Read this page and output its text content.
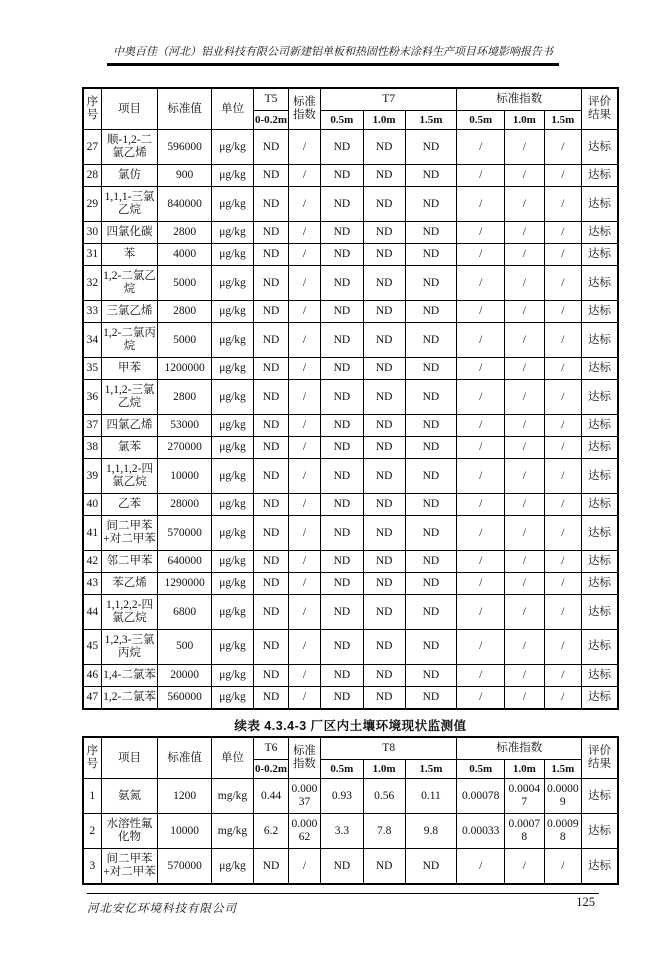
中奥百佳（河北）铝业科技有限公司新建铝单板和热固性粉末涂料生产项目环境影响报告书
序号	项目	标准值	单位	T5	标准指数	T7			标准指数			评价结果
				0-0.2m		0.5m	1.0m	1.5m	0.5m	1.0m	1.5m	
27	顺-1,2-二氯乙烯	596000	μg/kg	ND	/	ND	ND	ND	/	/	/	达标
28	氯仿	900	μg/kg	ND	/	ND	ND	ND	/	/	/	达标
29	1,1,1-三氯乙烷	840000	μg/kg	ND	/	ND	ND	ND	/	/	/	达标
30	四氯化碳	2800	μg/kg	ND	/	ND	ND	ND	/	/	/	达标
31	苯	4000	μg/kg	ND	/	ND	ND	ND	/	/	/	达标
32	1,2-二氯乙烷	5000	μg/kg	ND	/	ND	ND	ND	/	/	/	达标
33	三氯乙烯	2800	μg/kg	ND	/	ND	ND	ND	/	/	/	达标
34	1,2-二氯丙烷	5000	μg/kg	ND	/	ND	ND	ND	/	/	/	达标
35	甲苯	1200000	μg/kg	ND	/	ND	ND	ND	/	/	/	达标
36	1,1,2-三氯乙烷	2800	μg/kg	ND	/	ND	ND	ND	/	/	/	达标
37	四氯乙烯	53000	μg/kg	ND	/	ND	ND	ND	/	/	/	达标
38	氯苯	270000	μg/kg	ND	/	ND	ND	ND	/	/	/	达标
39	1,1,1,2-四氯乙烷	10000	μg/kg	ND	/	ND	ND	ND	/	/	/	达标
40	乙苯	28000	μg/kg	ND	/	ND	ND	ND	/	/	/	达标
41	间二甲苯+对二甲苯	570000	μg/kg	ND	/	ND	ND	ND	/	/	/	达标
42	邻二甲苯	640000	μg/kg	ND	/	ND	ND	ND	/	/	/	达标
43	苯乙烯	1290000	μg/kg	ND	/	ND	ND	ND	/	/	/	达标
44	1,1,2,2-四氯乙烷	6800	μg/kg	ND	/	ND	ND	ND	/	/	/	达标
45	1,2,3-三氯丙烷	500	μg/kg	ND	/	ND	ND	ND	/	/	/	达标
46	1,4-二氯苯	20000	μg/kg	ND	/	ND	ND	ND	/	/	/	达标
47	1,2-二氯苯	560000	μg/kg	ND	/	ND	ND	ND	/	/	/	达标
续表 4.3.4-3 厂区内土壤环境现状监测值
序号	项目	标准值	单位	T6	标准指数	T8			标准指数			评价结果
				0-0.2m		0.5m	1.0m	1.5m	0.5m	1.0m	1.5m	
1	氨氮	1200	mg/kg	0.44	0.00037	0.93	0.56	0.11	0.00078	0.00047	0.00009	达标
2	水溶性氟化物	10000	mg/kg	6.2	0.00062	3.3	7.8	9.8	0.00033	0.00078	0.00098	达标
3	间二甲苯+对二甲苯	570000	μg/kg	ND	/	ND	ND	ND	/	/	/	达标
河北安亿环境科技有限公司	125
